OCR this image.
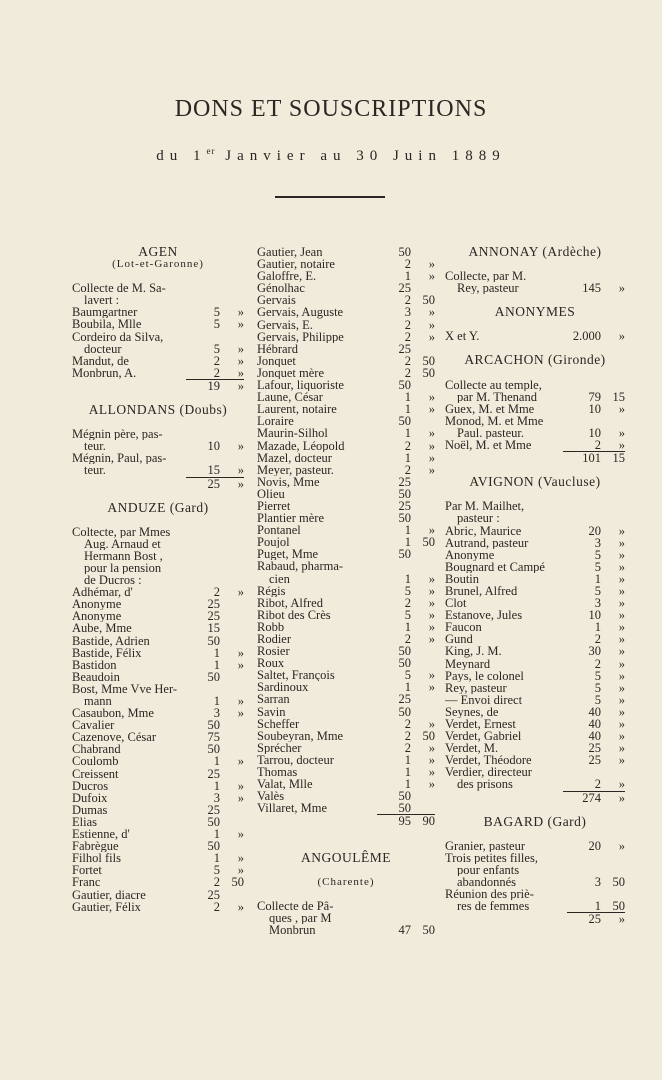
DONS ET SOUSCRIPTIONS
du 1er Janvier au 30 Juin 1889
AGEN
(Lot-et-Garonne)
Collecte de M. Sa-
lavert :
Baumgartner	5	»
Boubila, Mlle	5	»
Cordeiro da Silva,
docteur	5	»
Mandut, de	2	»
Monbrun, A.	2	»
19	»
ALLONDANS (Doubs)
Mégnin père, pas-
teur.	10	»
Mégnin, Paul, pas-
teur.	15	»
25	»
ANDUZE (Gard)
Coltecte, par Mmes
Aug. Arnaud et
Hermann Bost ,
pour la pension
de Ducros :
Adhémar, d'	2	»
Anonyme	25
Anonyme	25
Aube, Mme	15
Bastide, Adrien	50
Bastide, Félix	1	»
Bastidon	1	»
Beaudoin	50
Bost, Mme Vve Her-
mann	1	»
Casaubon, Mme	3	»
Cavalier	50
Cazenove, César	75
Chabrand	50
Coulomb	1	»
Creissent	25
Ducros	1	»
Dufoix	3	»
Dumas	25
Elias	50
Estienne, d'	1	»
Fabrègue	50
Filhol fils	1	»
Fortet	5	»
Franc	2 50
Gautier, diacre	25
Gautier, Félix	2	»
Gautier, Jean	50
Gautier, notaire	2	»
Galoffre, E.	1	»
Génolhac	25
Gervais	2 50
Gervais, Auguste	3	»
Gervais, E.	2	»
Gervais, Philippe	2	»
Hébrard	25
Jonquet	2 50
Jonquet mère	2 50
Lafour, liquoriste	50
Laune, César	1	»
Laurent, notaire	1	»
Loraire	50
Maurin-Silhol	1	»
Mazade, Léopold	2	»
Mazel, docteur	1	»
Meyer, pasteur.	2	»
Novis, Mme	25
Olieu	50
Pierret	25
Plantier mère	50
Pontanel	1	»
Poujol	1 50
Puget, Mme	50
Rabaud, pharma-
cien	1	»
Régis	5	»
Ribot, Alfred	2	»
Ribot des Crès	5	»
Robb	1	»
Rodier	2	»
Rosier	50
Roux	50
Saltet, François	5	»
Sardinoux	1	»
Sarran	25
Savin	50
Scheffer	2	»
Soubeyran, Mme	2 50
Sprécher	2	»
Tarrou, docteur	1	»
Thomas	1	»
Valat, Mlle	1	»
Valès	50
Villaret, Mme	50
95 90
ANGOULÊME
(Charente)
Collecte de Pâ-
ques , par M
Monbrun	47 50
ANNONAY (Ardèche)
Collecte, par M.
Rey, pasteur	145	»
ANONYMES
X et Y.	2.000	»
ARCACHON (Gironde)
Collecte au temple,
par M. Thenand	79 15
Guex, M. et Mme	10	»
Monod, M. et Mme
Paul. pasteur.	10	»
Noël, M. et Mme	2	»
101 15
AVIGNON (Vaucluse)
Par M. Mailhet,
pasteur :
Abric, Maurice	20	»
Autrand, pasteur	3	»
Anonyme	5	»
Bougnard et Campé	5	»
Boutin	1	»
Brunel, Alfred	5	»
Clot	3	»
Estanove, Jules	10	»
Faucon	1	»
Gund	2	»
King, J. M.	30	»
Meynard	2	»
Pays, le colonel	5	»
Rey, pasteur	5	»
— Envoi direct	5	»
Seynes, de	40	»
Verdet, Ernest	40	»
Verdet, Gabriel	40	»
Verdet, M.	25	»
Verdet, Théodore	25	»
Verdier, directeur
des prisons	2	»
274	»
BAGARD (Gard)
Granier, pasteur	20	»
Trois petites filles,
pour enfants
abandonnés	3 50
Réunion des priè-
res de femmes	1 50
25	»
